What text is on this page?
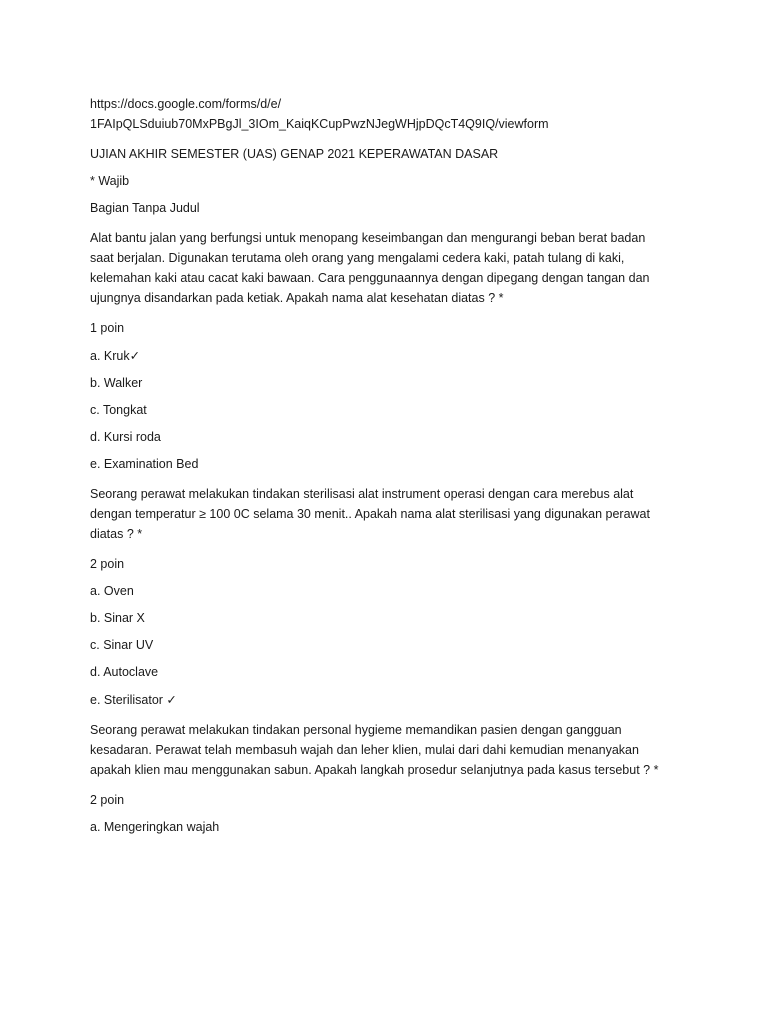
https://docs.google.com/forms/d/e/
1FAIpQLSduiub70MxPBgJl_3IOm_KaiqKCupPwzNJegWHjpDQcT4Q9IQ/viewform
UJIAN AKHIR SEMESTER (UAS) GENAP 2021 KEPERAWATAN DASAR
* Wajib
Bagian Tanpa Judul
Alat bantu jalan yang berfungsi untuk menopang keseimbangan dan mengurangi beban berat badan
saat berjalan. Digunakan terutama oleh orang yang mengalami cedera kaki, patah tulang di kaki,
kelemahan kaki atau cacat kaki bawaan. Cara penggunaannya dengan dipegang dengan tangan dan
ujungnya disandarkan pada ketiak. Apakah nama alat kesehatan diatas ? *
1 poin
a. Kruk✓
b. Walker
c. Tongkat
d. Kursi roda
e. Examination Bed
Seorang perawat melakukan tindakan sterilisasi alat instrument operasi dengan cara merebus alat
dengan temperatur ≥ 100 0C selama 30 menit.. Apakah nama alat sterilisasi yang digunakan perawat
diatas ? *
2 poin
a. Oven
b. Sinar X
c. Sinar UV
d. Autoclave
e. Sterilisator ✓
Seorang perawat melakukan tindakan personal hygieme memandikan pasien dengan gangguan
kesadaran. Perawat telah membasuh wajah dan leher klien, mulai dari dahi kemudian menanyakan
apakah klien mau menggunakan sabun. Apakah langkah prosedur selanjutnya pada kasus tersebut ? *
2 poin
a. Mengeringkan wajah
